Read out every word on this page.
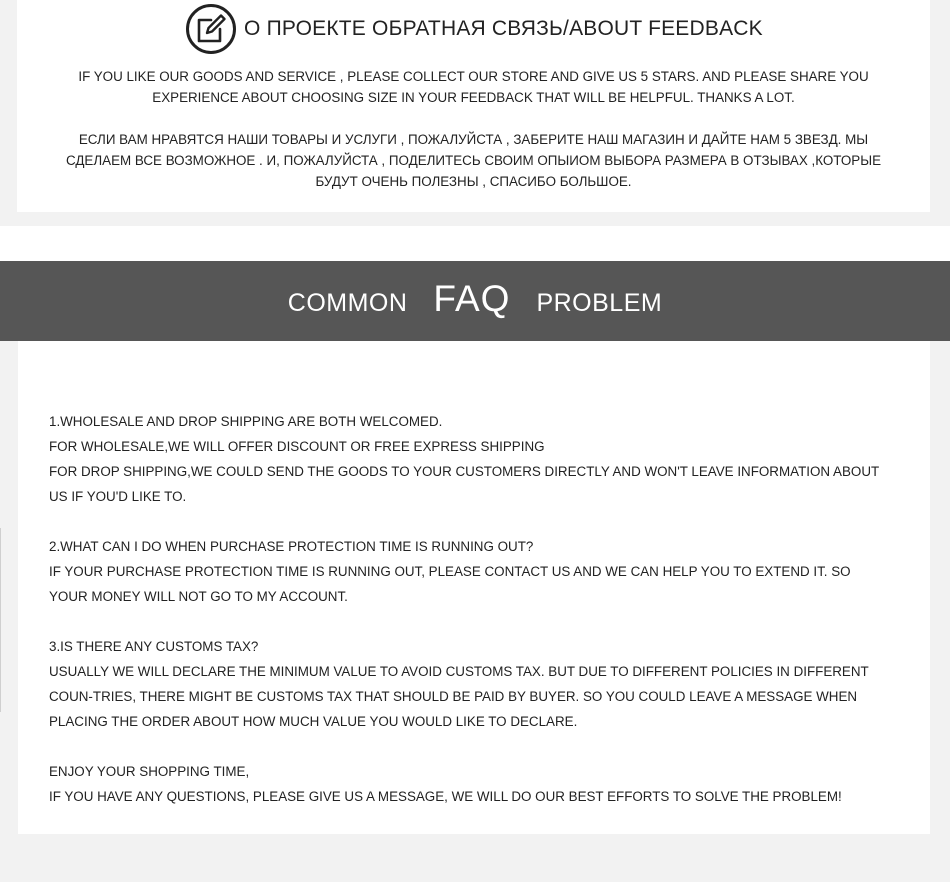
О ПРОЕКТЕ ОБРАТНАЯ СВЯЗЬ/ABOUT FEEDBACK
IF YOU LIKE OUR GOODS AND SERVICE , PLEASE COLLECT OUR STORE AND GIVE US 5 STARS. AND PLEASE SHARE YOU EXPERIENCE ABOUT CHOOSING SIZE IN YOUR FEEDBACK THAT WILL BE HELPFUL. THANKS A LOT.
ЕСЛИ ВАМ НРАВЯТСЯ НАШИ ТОВАРЫ И УСЛУГИ , ПОЖАЛУЙСТА , ЗАБЕРИТЕ НАШ МАГАЗИН И ДАЙТЕ НАМ 5 ЗВЕЗД. МЫ СДЕЛАЕМ ВСЕ ВОЗМОЖНОЕ . И, ПОЖАЛУЙСТА , ПОДЕЛИТЕСЬ СВОИМ ОПЫИОМ ВЫБОРА РАЗМЕРА В ОТЗЫВАХ ,КОТОРЫЕ БУДУТ ОЧЕНЬ ПОЛЕЗНЫ , СПАСИБО БОЛЬШОЕ.
COMMON FAQ PROBLEM

1.WHOLESALE AND DROP SHIPPING ARE BOTH WELCOMED.

FOR WHOLESALE,WE WILL OFFER DISCOUNT OR FREE EXPRESS SHIPPING

FOR DROP SHIPPING,WE COULD SEND THE GOODS TO YOUR CUSTOMERS DIRECTLY AND WON'T LEAVE INFORMATION ABOUT US IF YOU'D LIKE TO.

2.WHAT CAN I DO WHEN PURCHASE PROTECTION TIME IS RUNNING OUT?

IF YOUR PURCHASE PROTECTION TIME IS RUNNING OUT, PLEASE CONTACT US AND WE CAN HELP YOU TO EXTEND IT. SO YOUR MONEY WILL NOT GO TO MY ACCOUNT.

3.IS THERE ANY CUSTOMS TAX?

USUALLY WE WILL DECLARE THE MINIMUM VALUE TO AVOID CUSTOMS TAX. BUT DUE TO DIFFERENT POLICIES IN DIFFERENT COUN-TRIES, THERE MIGHT BE CUSTOMS TAX THAT SHOULD BE PAID BY BUYER. SO YOU COULD LEAVE A MESSAGE WHEN PLACING THE ORDER ABOUT HOW MUCH VALUE YOU WOULD LIKE TO DECLARE.

ENJOY YOUR SHOPPING TIME,

IF YOU HAVE ANY QUESTIONS, PLEASE GIVE US A MESSAGE, WE WILL DO OUR BEST EFFORTS TO SOLVE THE PROBLEM!
